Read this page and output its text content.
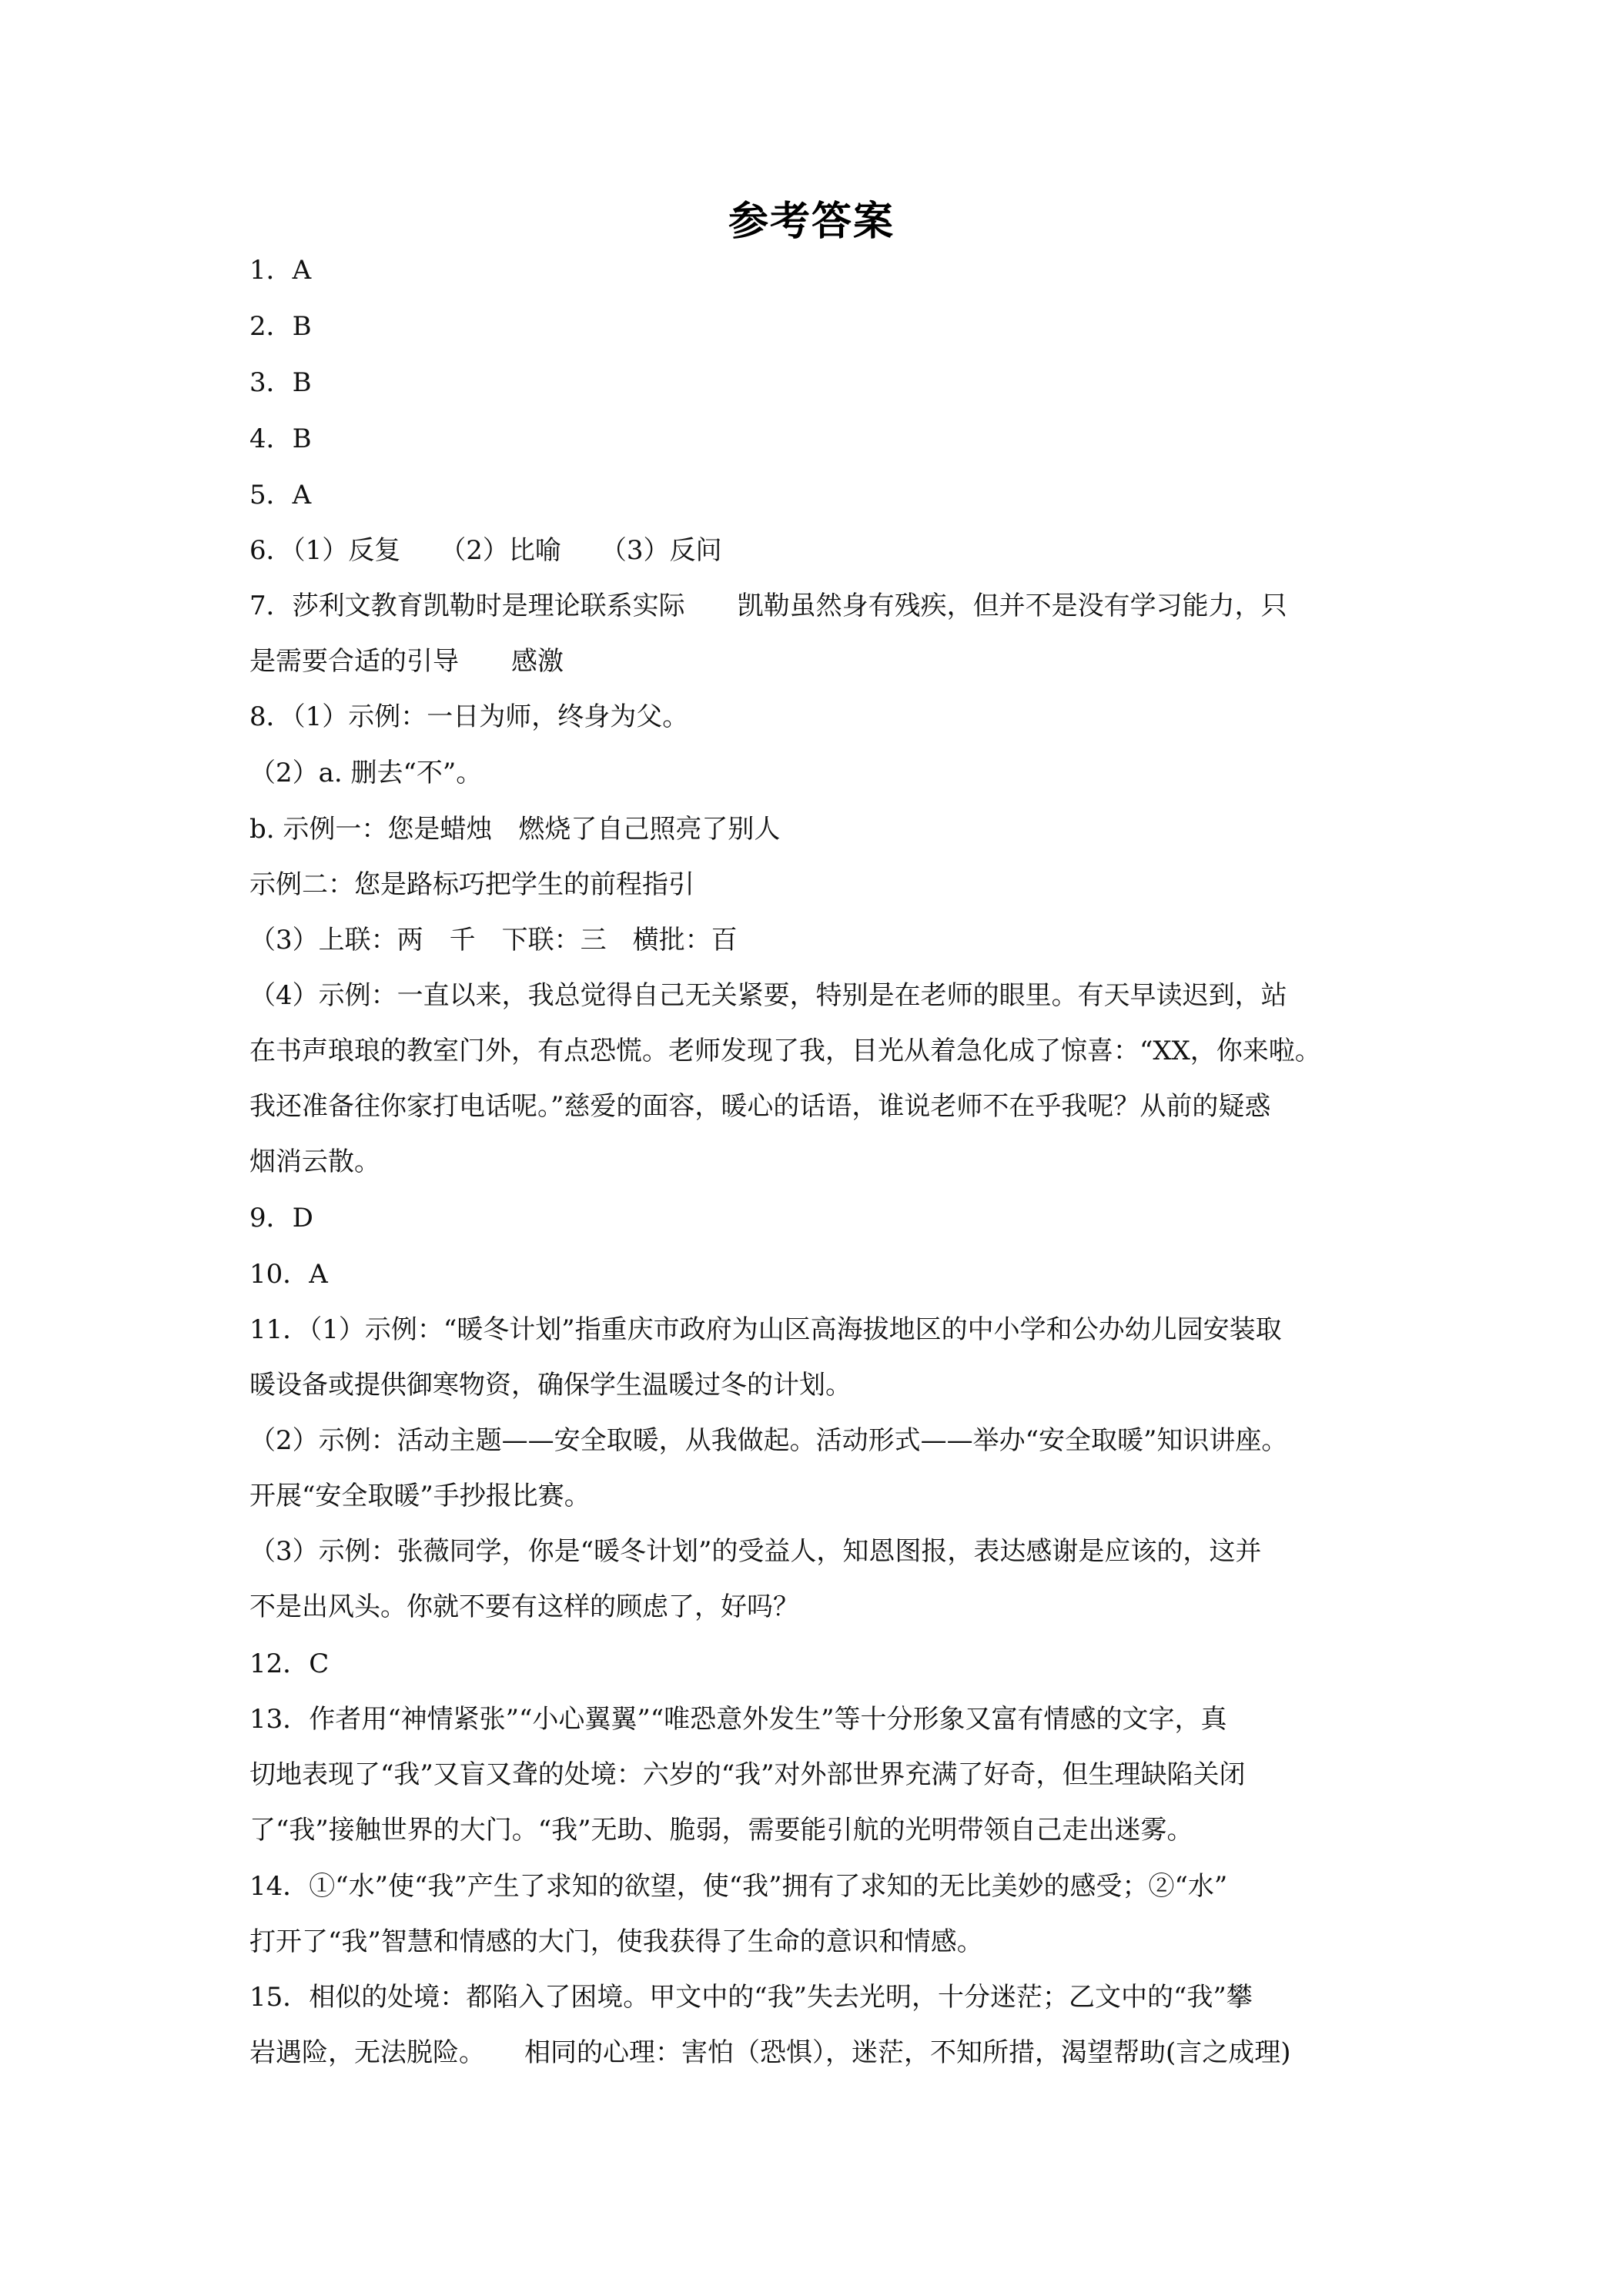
参考答案
1．A
2．B
3．B
4．B
5．A
6．（1）反复　　（2）比喻　　（3）反问
7．莎利文教育凯勒时是理论联系实际　　凯勒虽然身有残疾，但并不是没有学习能力，只
是需要合适的引导　　感激
8．（1）示例：一日为师，终身为父。
（2）a. 删去“不”。
b. 示例一：您是蜡烛　燃烧了自己照亮了别人
示例二：您是路标巧把学生的前程指引
（3）上联：两　千　下联：三　横批：百
（4）示例：一直以来，我总觉得自己无关紧要，特别是在老师的眼里。有天早读迟到，站
在书声琅琅的教室门外，有点恐慌。老师发现了我，目光从着急化成了惊喜：“XX，你来啦。
我还准备往你家打电话呢。”慈爱的面容，暖心的话语，谁说老师不在乎我呢？从前的疑惑
烟消云散。
9．D
10．A
11．（1）示例：“暖冬计划”指重庆市政府为山区高海拔地区的中小学和公办幼儿园安装取
暖设备或提供御寒物资，确保学生温暖过冬的计划。
（2）示例：活动主题——安全取暖，从我做起。活动形式——举办“安全取暖”知识讲座。
开展“安全取暖”手抄报比赛。
（3）示例：张薇同学，你是“暖冬计划”的受益人，知恩图报，表达感谢是应该的，这并
不是出风头。你就不要有这样的顾虑了，好吗？
12．C
13．作者用“神情紧张”“小心翼翼”“唯恐意外发生”等十分形象又富有情感的文字，真
切地表现了“我”又盲又聋的处境：六岁的“我”对外部世界充满了好奇，但生理缺陷关闭
了“我”接触世界的大门。“我”无助、脆弱，需要能引航的光明带领自己走出迷雾。
14．①“水”使“我”产生了求知的欲望，使“我”拥有了求知的无比美妙的感受；②“水”
打开了“我”智慧和情感的大门，使我获得了生命的意识和情感。
15．相似的处境：都陷入了困境。甲文中的“我”失去光明，十分迷茫；乙文中的“我”攀
岩遇险，无法脱险。　　相同的心理：害怕（恐惧），迷茫，不知所措，渴望帮助(言之成理)
